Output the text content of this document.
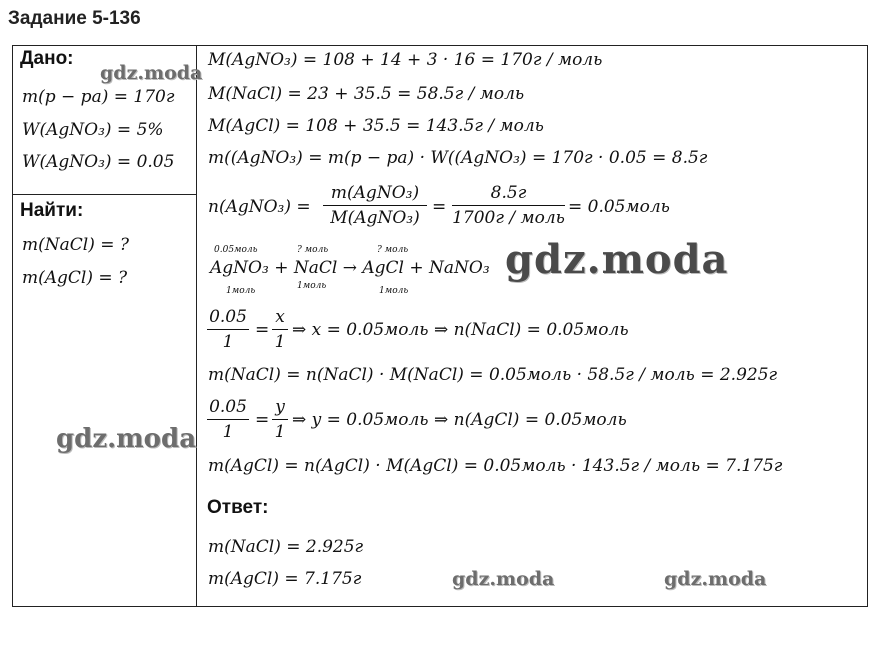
Задание 5-136
Дано:
m(p − pa) = 170г
W(AgNO₃) = 5%
W(AgNO₃) = 0.05
Найти:
m(NaCl) = ?
m(AgCl) = ?
M(AgNO₃) = 108 + 14 + 3 · 16 = 170г / моль
M(NaCl) = 23 + 35.5 = 58.5г / моль
M(AgCl) = 108 + 35.5 = 143.5г / моль
m((AgNO₃) = m(p − pa) · W((AgNO₃) = 170г · 0.05 = 8.5г
n(AgNO₃) =
m(AgNO₃)
M(AgNO₃)
=
8.5г
1700г / моль
= 0.05моль
0.05моль	? моль	? моль
AgNO₃ + NaCl → AgCl + NaNO₃
1моль	1моль	1моль
0.05
1
=
x
1
⇒ x = 0.05моль ⇒ n(NaCl) = 0.05моль
m(NaCl) = n(NaCl) · M(NaCl) = 0.05моль · 58.5г / моль = 2.925г
0.05
1
=
y
1
⇒ y = 0.05моль ⇒ n(AgCl) = 0.05моль
m(AgCl) = n(AgCl) · M(AgCl) = 0.05моль · 143.5г / моль = 7.175г
Ответ:
m(NaCl) = 2.925г
m(AgCl) = 7.175г
gdz.moda
gdz.moda
gdz.moda
gdz.moda	gdz.moda
